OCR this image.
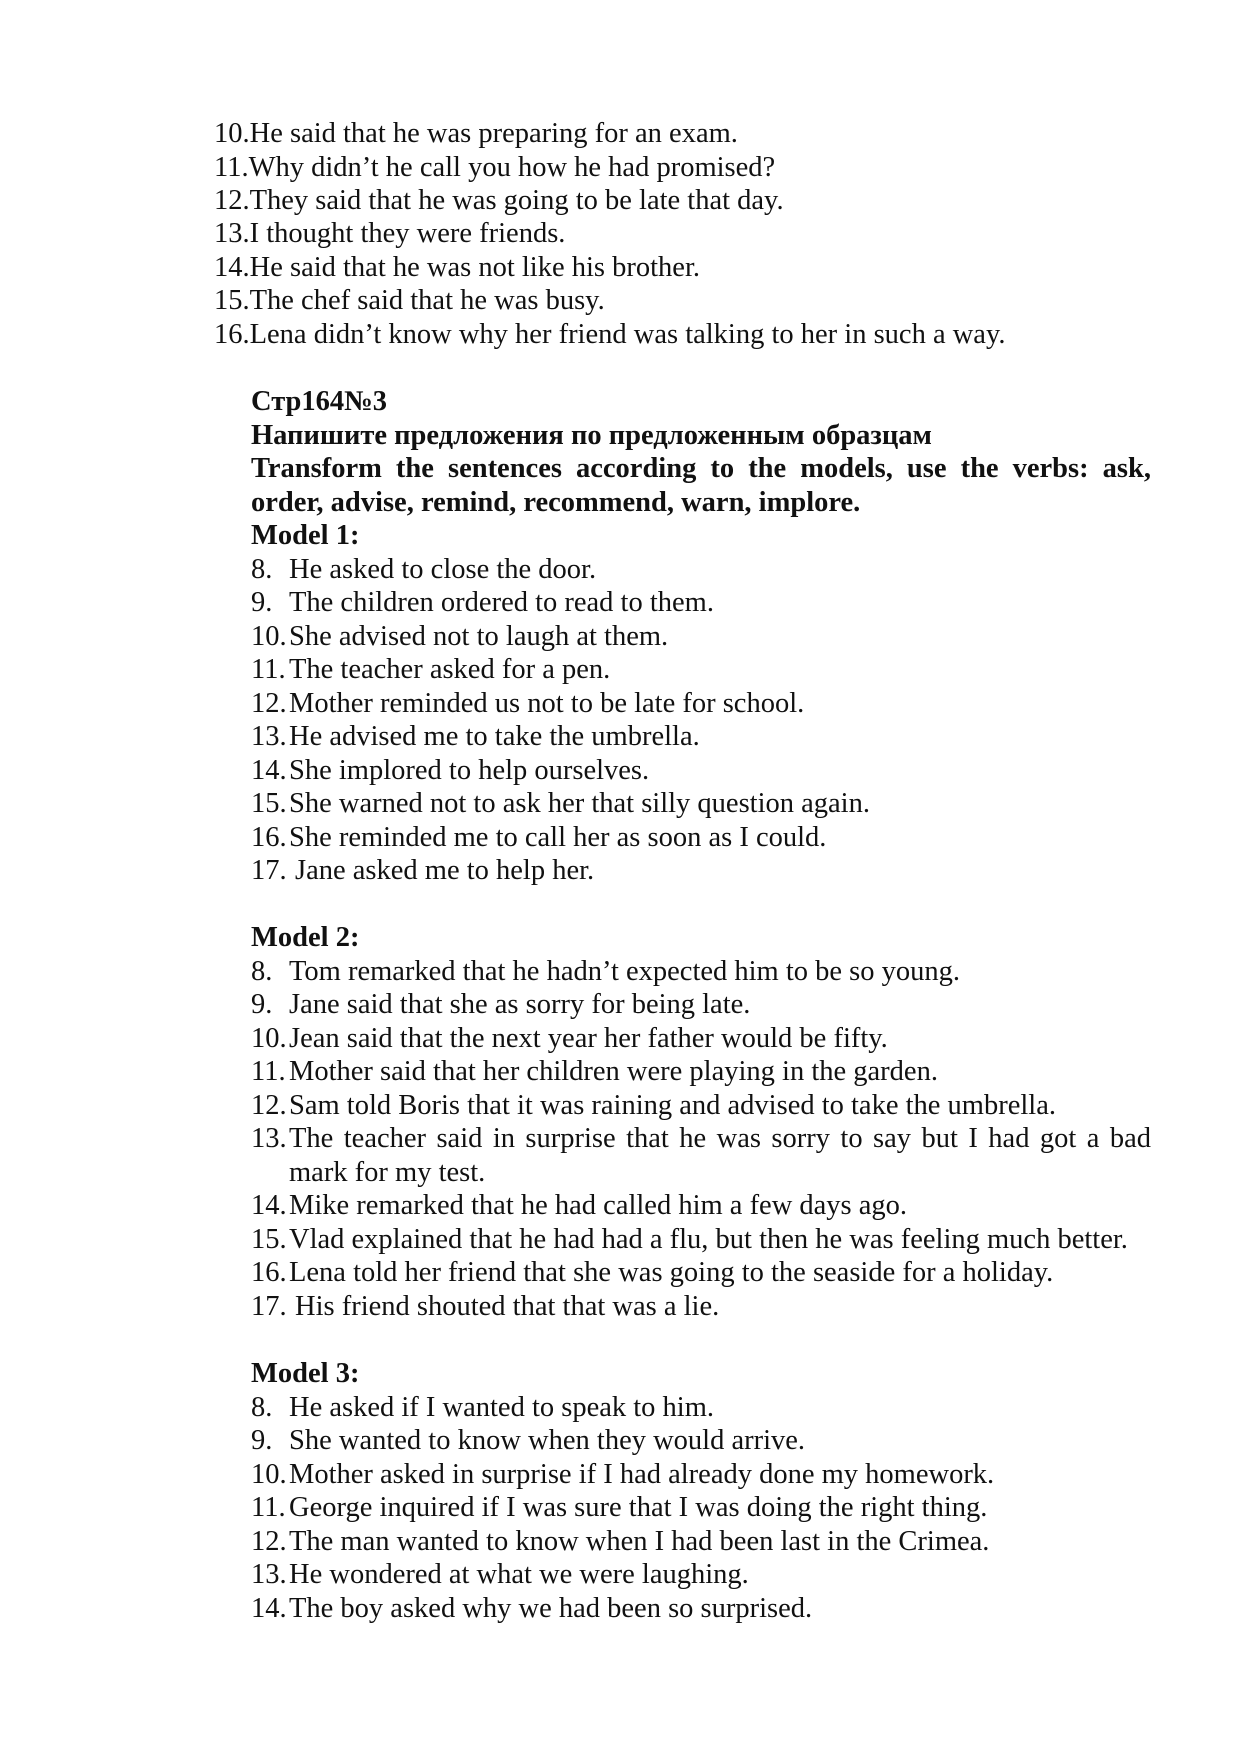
10.He said that he was preparing for an exam.
11.Why didn’t he call you how he had promised?
12.They said that he was going to be late that day.
13.I thought they were friends.
14.He said that he was not like his brother.
15.The chef said that he was busy.
16.Lena didn’t know why her friend was talking to her in such a way.
Стр164№3
Напишите предложения по предложенным образцам
Transform the sentences according to the models, use the verbs: ask,
order, advise, remind, recommend, warn, implore.
Model 1:
8. He asked to close the door.
9. The children ordered to read to them.
10.She advised not to laugh at them.
11. The teacher asked for a pen.
12.Mother reminded us not to be late for school.
13.He advised me to take the umbrella.
14.She implored to help ourselves.
15.She warned not to ask her that silly question again.
16.She reminded me to call her as soon as I could.
17.Jane asked me to help her.
Model 2:
8. Tom remarked that he hadn’t expected him to be so young.
9. Jane said that she as sorry for being late.
10.Jean said that the next year her father would be fifty.
11. Mother said that her children were playing in the garden.
12.Sam told Boris that it was raining and advised to take the umbrella.
13.The teacher said in surprise that he was sorry to say but I had got a bad
mark for my test.
14.Mike remarked that he had called him a few days ago.
15.Vlad explained that he had had a flu, but then he was feeling much better.
16.Lena told her friend that she was going to the seaside for a holiday.
17.His friend shouted that that was a lie.
Model 3:
8. He asked if I wanted to speak to him.
9. She wanted to know when they would arrive.
10.Mother asked in surprise if I had already done my homework.
11. George inquired if I was sure that I was doing the right thing.
12.The man wanted to know when I had been last in the Crimea.
13.He wondered at what we were laughing.
14.The boy asked why we had been so surprised.
